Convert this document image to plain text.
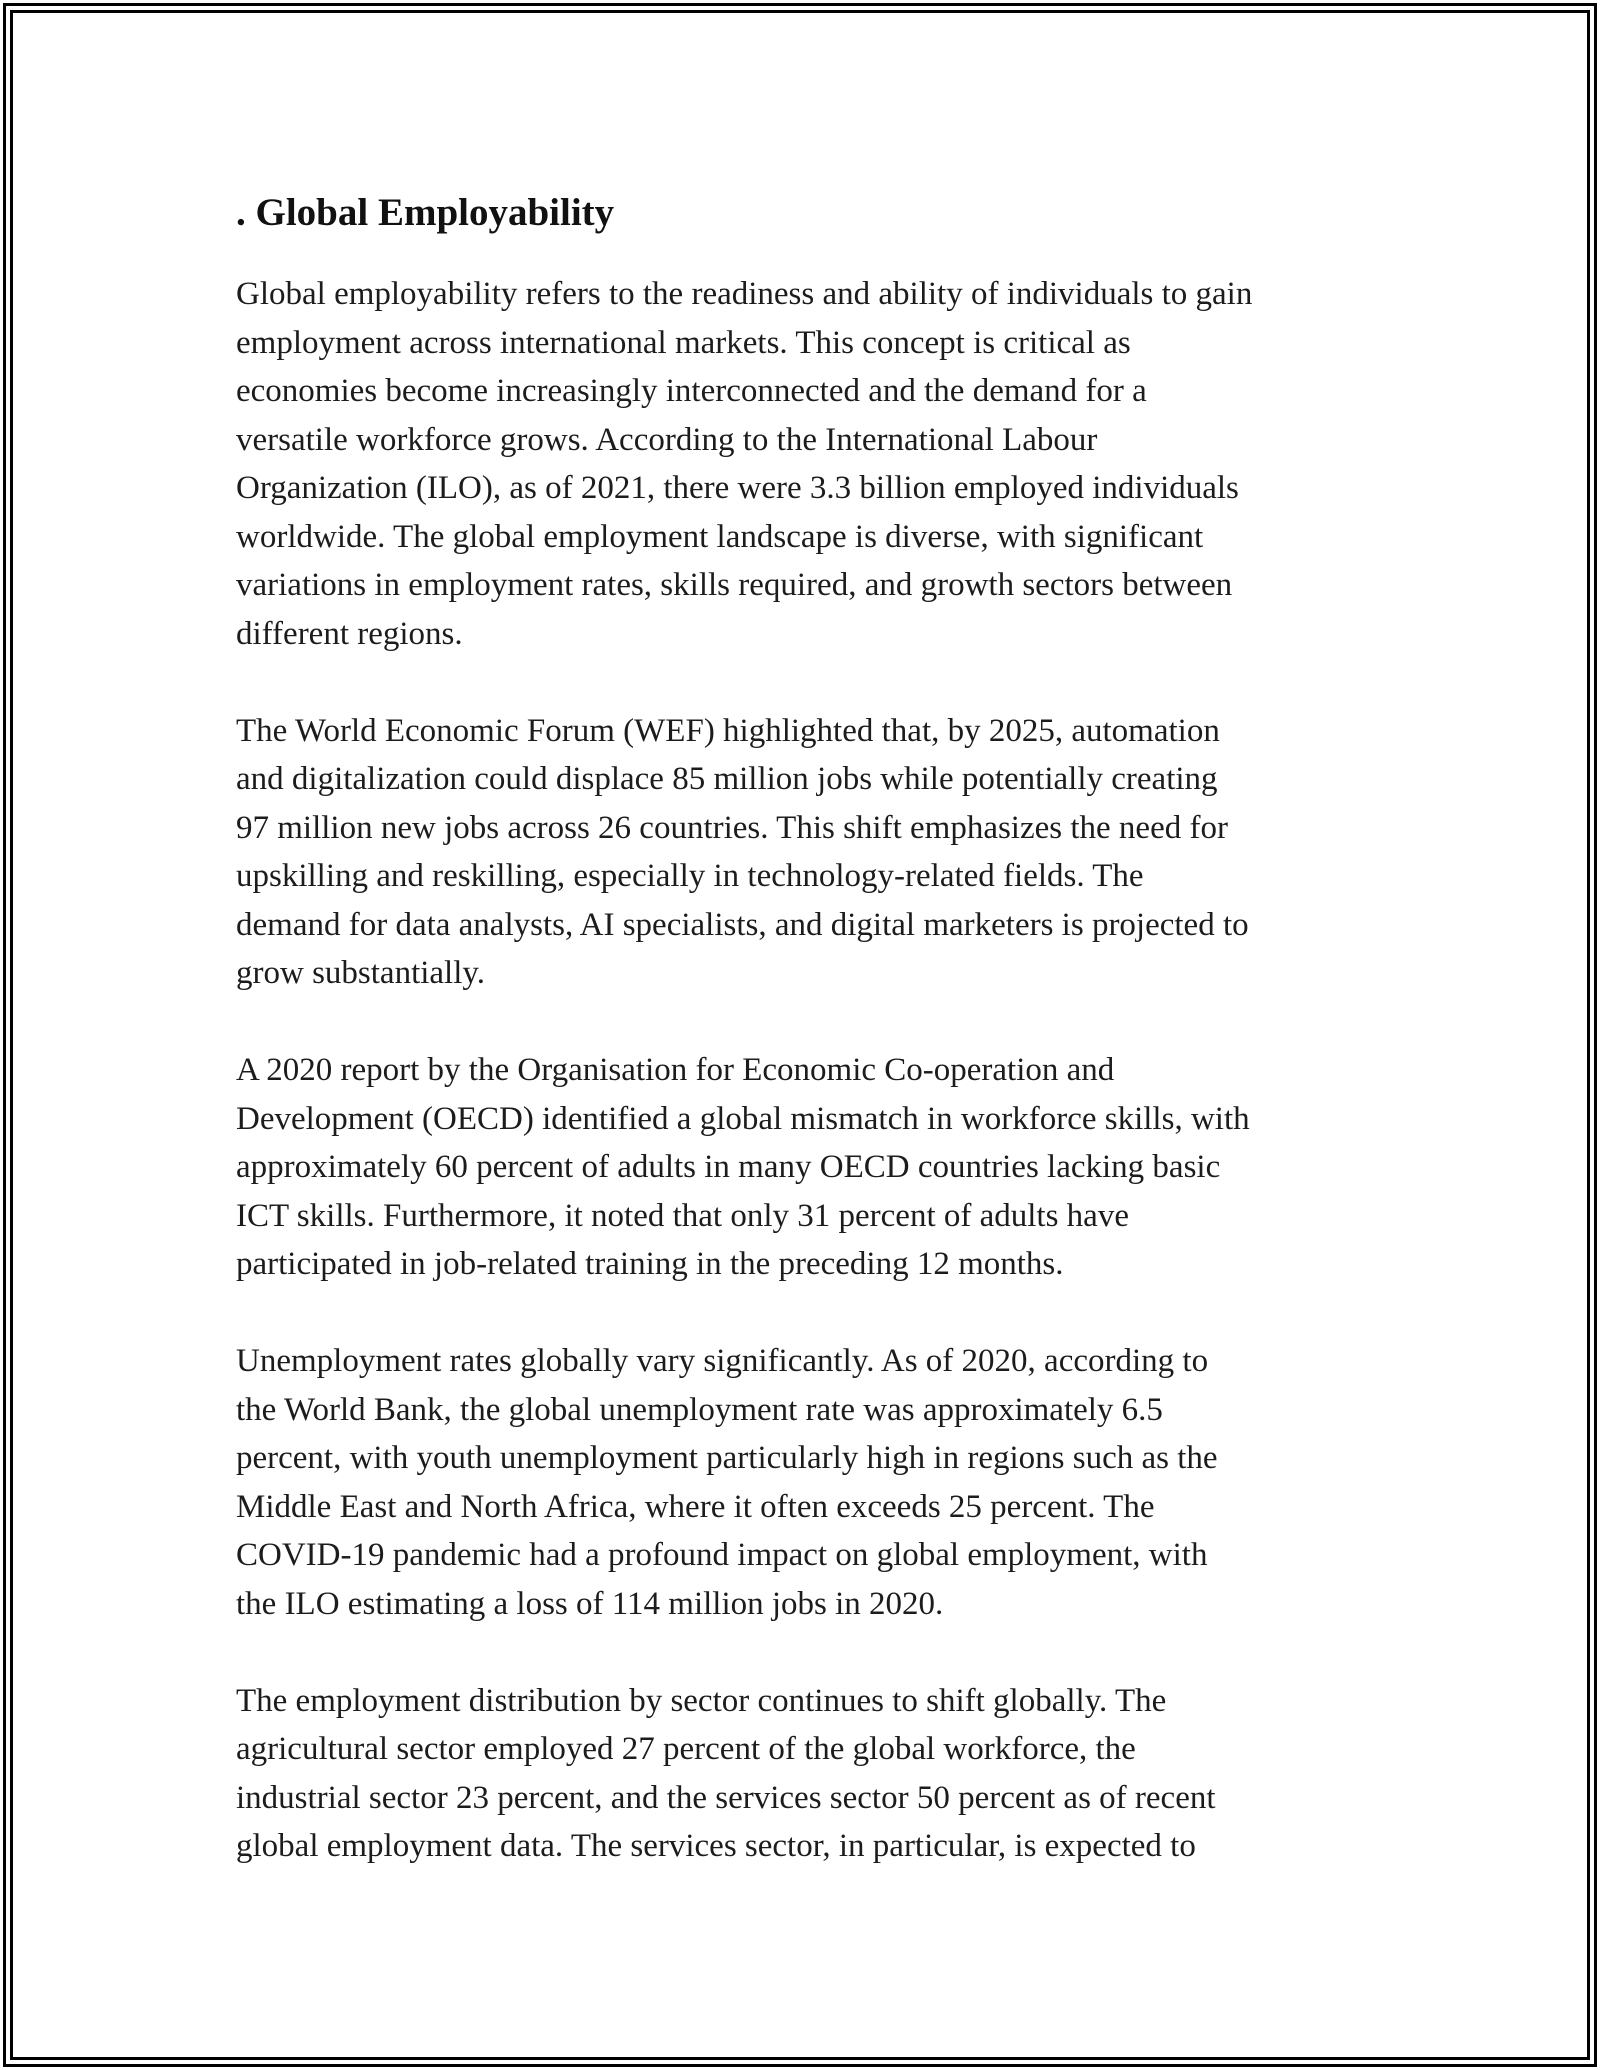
. Global Employability

Global employability refers to the readiness and ability of individuals to gain
employment across international markets. This concept is critical as
economies become increasingly interconnected and the demand for a
versatile workforce grows. According to the International Labour
Organization (ILO), as of 2021, there were 3.3 billion employed individuals
worldwide. The global employment landscape is diverse, with significant
variations in employment rates, skills required, and growth sectors between
different regions.

The World Economic Forum (WEF) highlighted that, by 2025, automation
and digitalization could displace 85 million jobs while potentially creating
97 million new jobs across 26 countries. This shift emphasizes the need for
upskilling and reskilling, especially in technology-related fields. The
demand for data analysts, AI specialists, and digital marketers is projected to
grow substantially.

A 2020 report by the Organisation for Economic Co-operation and
Development (OECD) identified a global mismatch in workforce skills, with
approximately 60 percent of adults in many OECD countries lacking basic
ICT skills. Furthermore, it noted that only 31 percent of adults have
participated in job-related training in the preceding 12 months.

Unemployment rates globally vary significantly. As of 2020, according to
the World Bank, the global unemployment rate was approximately 6.5
percent, with youth unemployment particularly high in regions such as the
Middle East and North Africa, where it often exceeds 25 percent. The
COVID-19 pandemic had a profound impact on global employment, with
the ILO estimating a loss of 114 million jobs in 2020.

The employment distribution by sector continues to shift globally. The
agricultural sector employed 27 percent of the global workforce, the
industrial sector 23 percent, and the services sector 50 percent as of recent
global employment data. The services sector, in particular, is expected to
